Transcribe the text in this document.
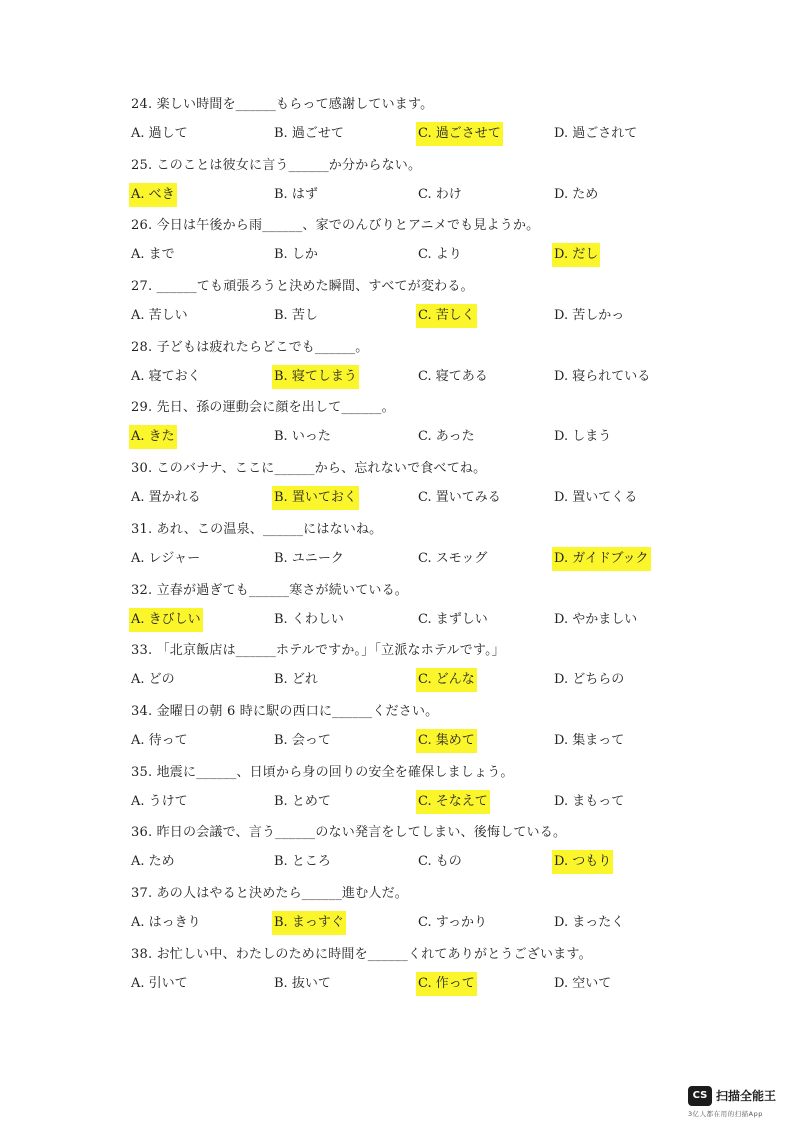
24. 楽しい時間を______もらって感謝しています。
A. 過して	B. 過ごせて	C. 過ごさせて	D. 過ごされて
25. このことは彼女に言う______か分からない。
A. べき	B. はず	C. わけ	D. ため
26. 今日は午後から雨______、家でのんびりとアニメでも見ようか。
A. まで	B. しか	C. より	D. だし
27. ______ても頑張ろうと決めた瞬間、すべてが変わる。
A. 苦しい	B. 苦し	C. 苦しく	D. 苦しかっ
28. 子どもは疲れたらどこでも______。
A. 寝ておく	B. 寝てしまう	C. 寝てある	D. 寝られている
29. 先日、孫の運動会に顔を出して______。
A. きた	B. いった	C. あった	D. しまう
30. このバナナ、ここに______から、忘れないで食べてね。
A. 置かれる	B. 置いておく	C. 置いてみる	D. 置いてくる
31. あれ、この温泉、______にはないね。
A. レジャー	B. ユニーク	C. スモッグ	D. ガイドブック
32. 立春が過ぎても______寒さが続いている。
A. きびしい	B. くわしい	C. まずしい	D. やかましい
33. 「北京飯店は______ホテルですか。」「立派なホテルです。」
A. どの	B. どれ	C. どんな	D. どちらの
34. 金曜日の朝 6 時に駅の西口に______ください。
A. 待って	B. 会って	C. 集めて	D. 集まって
35. 地震に______、日頃から身の回りの安全を確保しましょう。
A. うけて	B. とめて	C. そなえて	D. まもって
36. 昨日の会議で、言う______のない発言をしてしまい、後悔している。
A. ため	B. ところ	C. もの	D. つもり
37. あの人はやると決めたら______進む人だ。
A. はっきり	B. まっすぐ	C. すっかり	D. まったく
38. お忙しい中、わたしのために時間を______くれてありがとうございます。
A. 引いて	B. 抜いて	C. 作って	D. 空いて
CS 扫描全能王
3亿人都在用的扫描App
